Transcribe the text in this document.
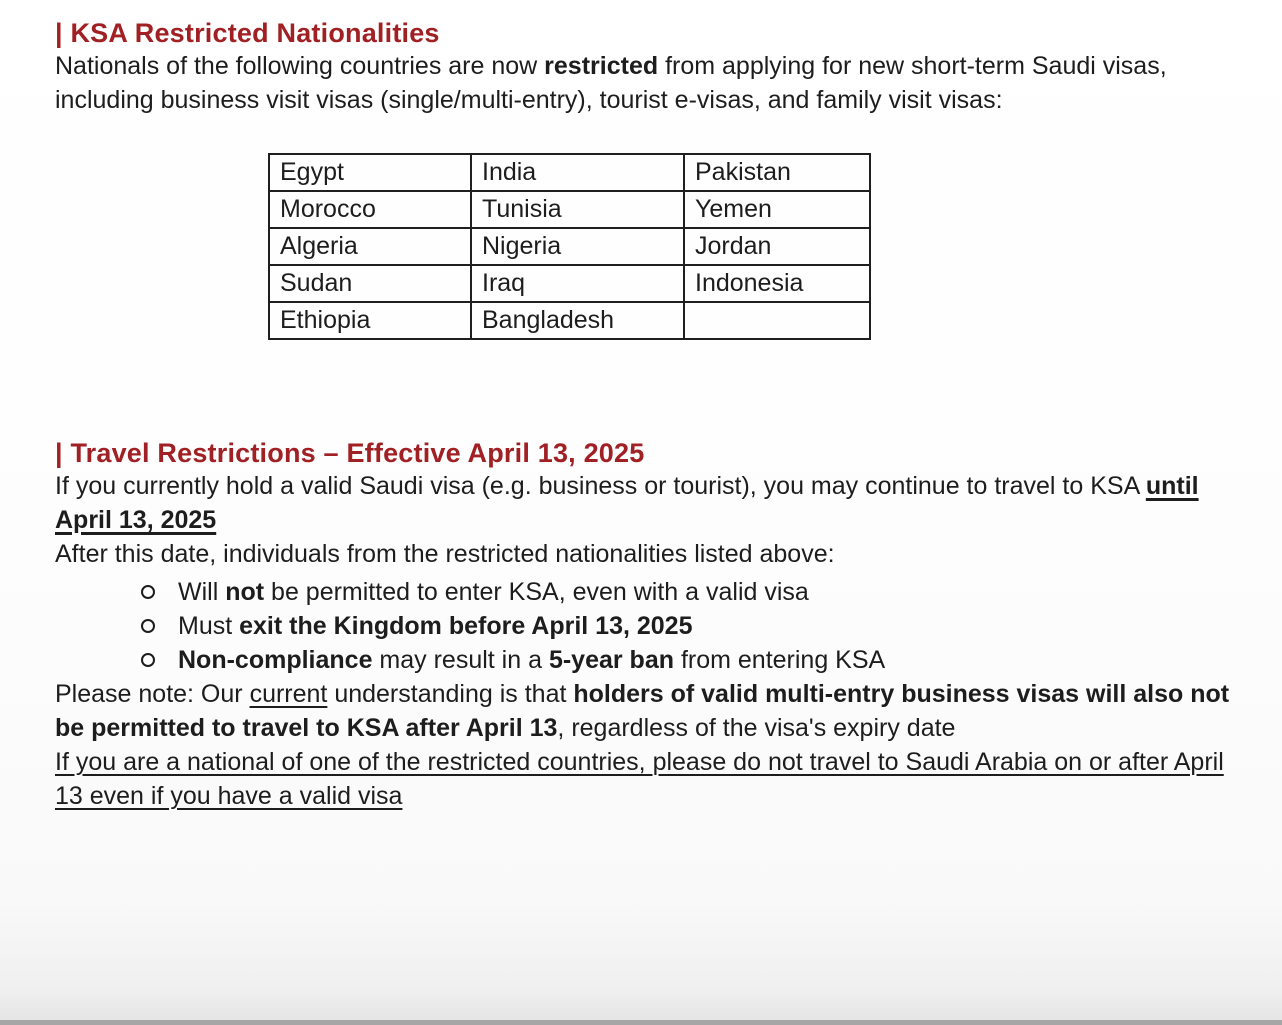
| KSA Restricted Nationalities

Nationals of the following countries are now restricted from applying for new short-term Saudi visas, including business visit visas (single/multi-entry), tourist e-visas, and family visit visas:

Egypt	India	Pakistan
Morocco	Tunisia	Yemen
Algeria	Nigeria	Jordan
Sudan	Iraq	Indonesia
Ethiopia	Bangladesh	
| Travel Restrictions – Effective April 13, 2025

If you currently hold a valid Saudi visa (e.g. business or tourist), you may continue to travel to KSA until April 13, 2025

After this date, individuals from the restricted nationalities listed above:

Will not be permitted to enter KSA, even with a valid visa

Must exit the Kingdom before April 13, 2025

Non-compliance may result in a 5-year ban from entering KSA

Please note: Our current understanding is that holders of valid multi-entry business visas will also not be permitted to travel to KSA after April 13, regardless of the visa's expiry date

If you are a national of one of the restricted countries, please do not travel to Saudi Arabia on or after April 13 even if you have a valid visa
